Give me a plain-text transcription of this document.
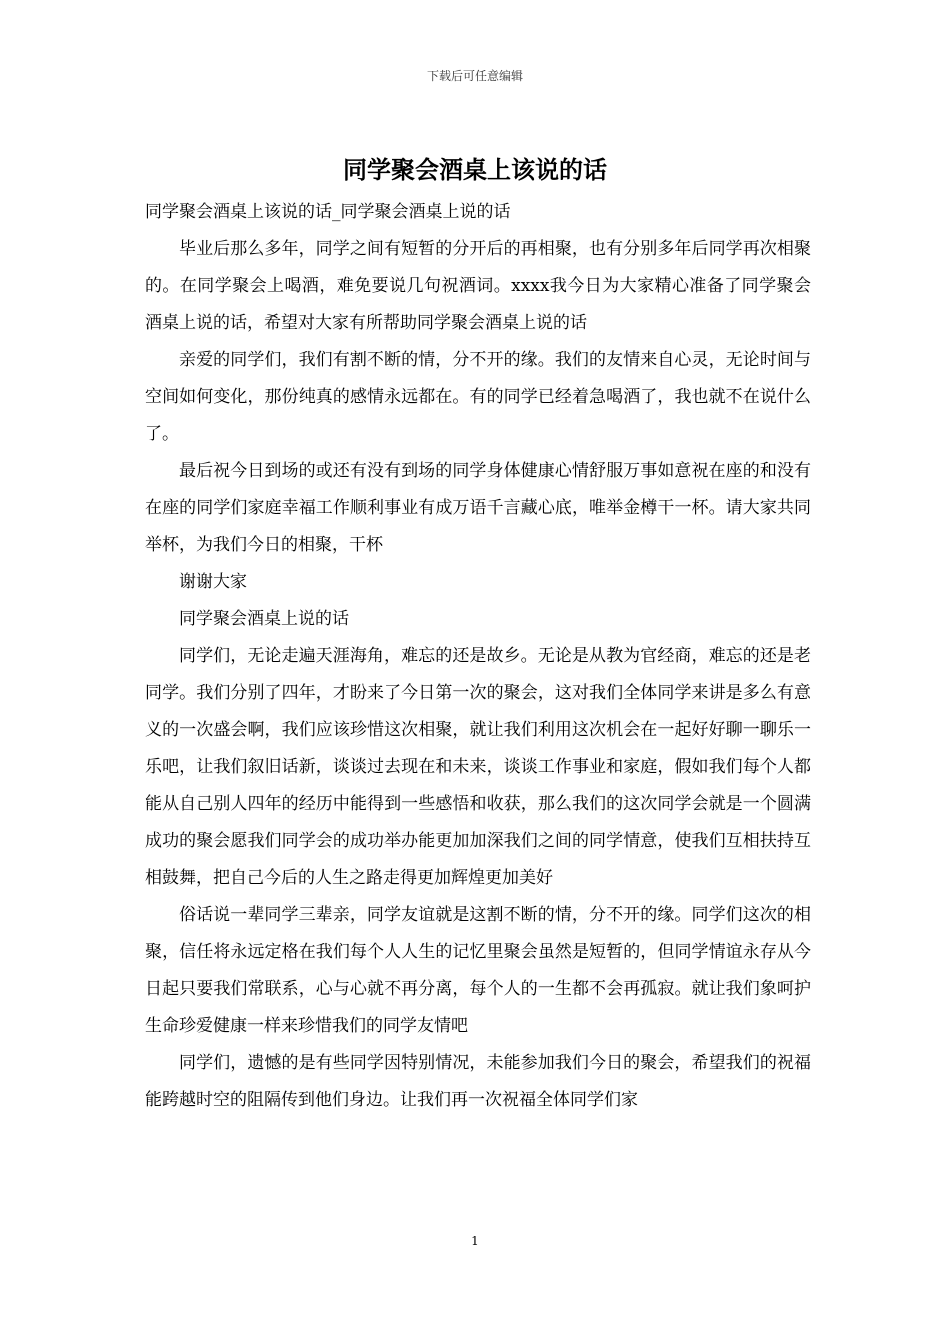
下载后可任意编辑
同学聚会酒桌上该说的话

同学聚会酒桌上该说的话_同学聚会酒桌上说的话

毕业后那么多年，同学之间有短暂的分开后的再相聚，也有分别多年后同学再次相聚的。在同学聚会上喝酒，难免要说几句祝酒词。xxxx我今日为大家精心准备了同学聚会酒桌上说的话，希望对大家有所帮助同学聚会酒桌上说的话

亲爱的同学们，我们有割不断的情，分不开的缘。我们的友情来自心灵，无论时间与空间如何变化，那份纯真的感情永远都在。有的同学已经着急喝酒了，我也就不在说什么了。

最后祝今日到场的或还有没有到场的同学身体健康心情舒服万事如意祝在座的和没有在座的同学们家庭幸福工作顺利事业有成万语千言藏心底，唯举金樽干一杯。请大家共同举杯，为我们今日的相聚，干杯

谢谢大家

同学聚会酒桌上说的话

同学们，无论走遍天涯海角，难忘的还是故乡。无论是从教为官经商，难忘的还是老同学。我们分别了四年，才盼来了今日第一次的聚会，这对我们全体同学来讲是多么有意义的一次盛会啊，我们应该珍惜这次相聚，就让我们利用这次机会在一起好好聊一聊乐一乐吧，让我们叙旧话新，谈谈过去现在和未来，谈谈工作事业和家庭，假如我们每个人都能从自己别人四年的经历中能得到一些感悟和收获，那么我们的这次同学会就是一个圆满成功的聚会愿我们同学会的成功举办能更加加深我们之间的同学情意，使我们互相扶持互相鼓舞，把自己今后的人生之路走得更加辉煌更加美好

俗话说一辈同学三辈亲，同学友谊就是这割不断的情，分不开的缘。同学们这次的相聚，信任将永远定格在我们每个人人生的记忆里聚会虽然是短暂的，但同学情谊永存从今日起只要我们常联系，心与心就不再分离，每个人的一生都不会再孤寂。就让我们象呵护生命珍爱健康一样来珍惜我们的同学友情吧

同学们，遗憾的是有些同学因特别情况，未能参加我们今日的聚会，希望我们的祝福能跨越时空的阻隔传到他们身边。让我们再一次祝福全体同学们家

1
